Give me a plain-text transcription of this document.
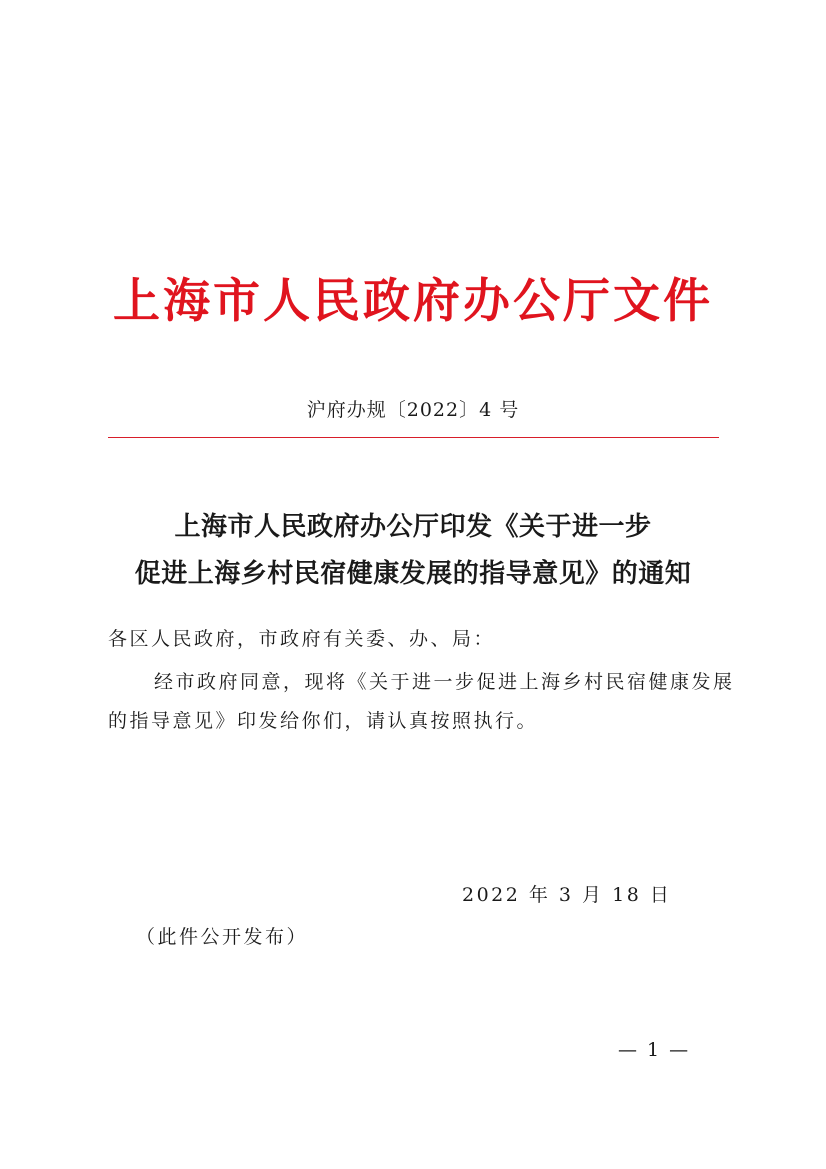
上海市人民政府办公厅文件
沪府办规〔2022〕4 号
上海市人民政府办公厅印发《关于进一步
促进上海乡村民宿健康发展的指导意见》的通知
各区人民政府，市政府有关委、办、局：
经市政府同意，现将《关于进一步促进上海乡村民宿健康发展
的指导意见》印发给你们，请认真按照执行。
2022 年 3 月 18 日
（此件公开发布）
— 1 —
